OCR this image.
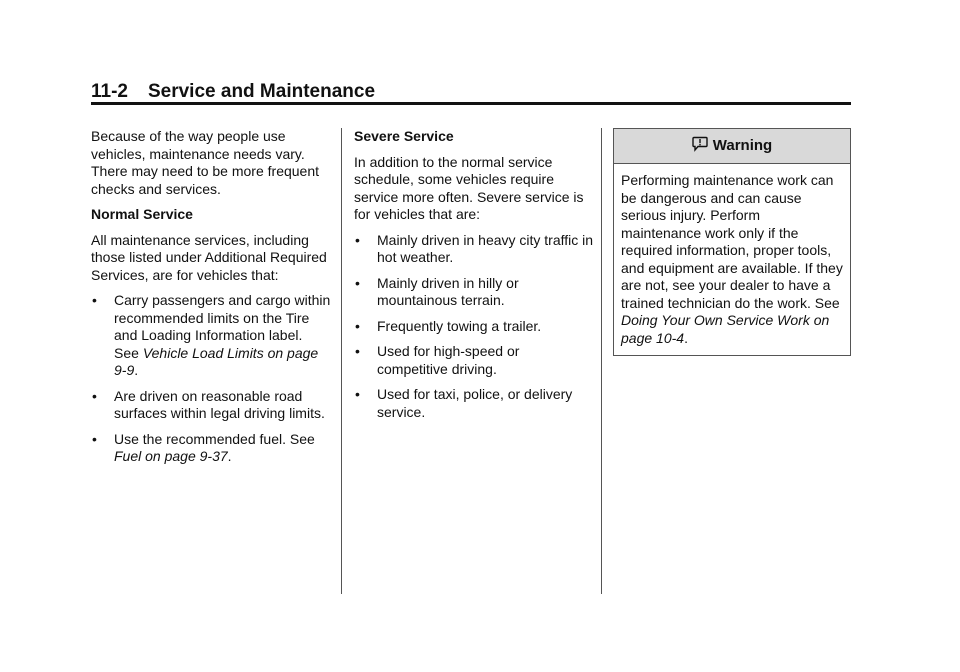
11-2 Service and Maintenance

Because of the way people use vehicles, maintenance needs vary. There may need to be more frequent checks and services.

Normal Service

All maintenance services, including those listed under Additional Required Services, are for vehicles that:

• Carry passengers and cargo within recommended limits on the Tire and Loading Information label. See Vehicle Load Limits on page 9-9.
• Are driven on reasonable road surfaces within legal driving limits.
• Use the recommended fuel. See Fuel on page 9-37.

Severe Service

In addition to the normal service schedule, some vehicles require service more often. Severe service is for vehicles that are:

• Mainly driven in heavy city traffic in hot weather.
• Mainly driven in hilly or mountainous terrain.
• Frequently towing a trailer.
• Used for high-speed or competitive driving.
• Used for taxi, police, or delivery service.
Warning

Performing maintenance work can be dangerous and can cause serious injury. Perform maintenance work only if the required information, proper tools, and equipment are available. If they are not, see your dealer to have a trained technician do the work. See Doing Your Own Service Work on page 10-4.
